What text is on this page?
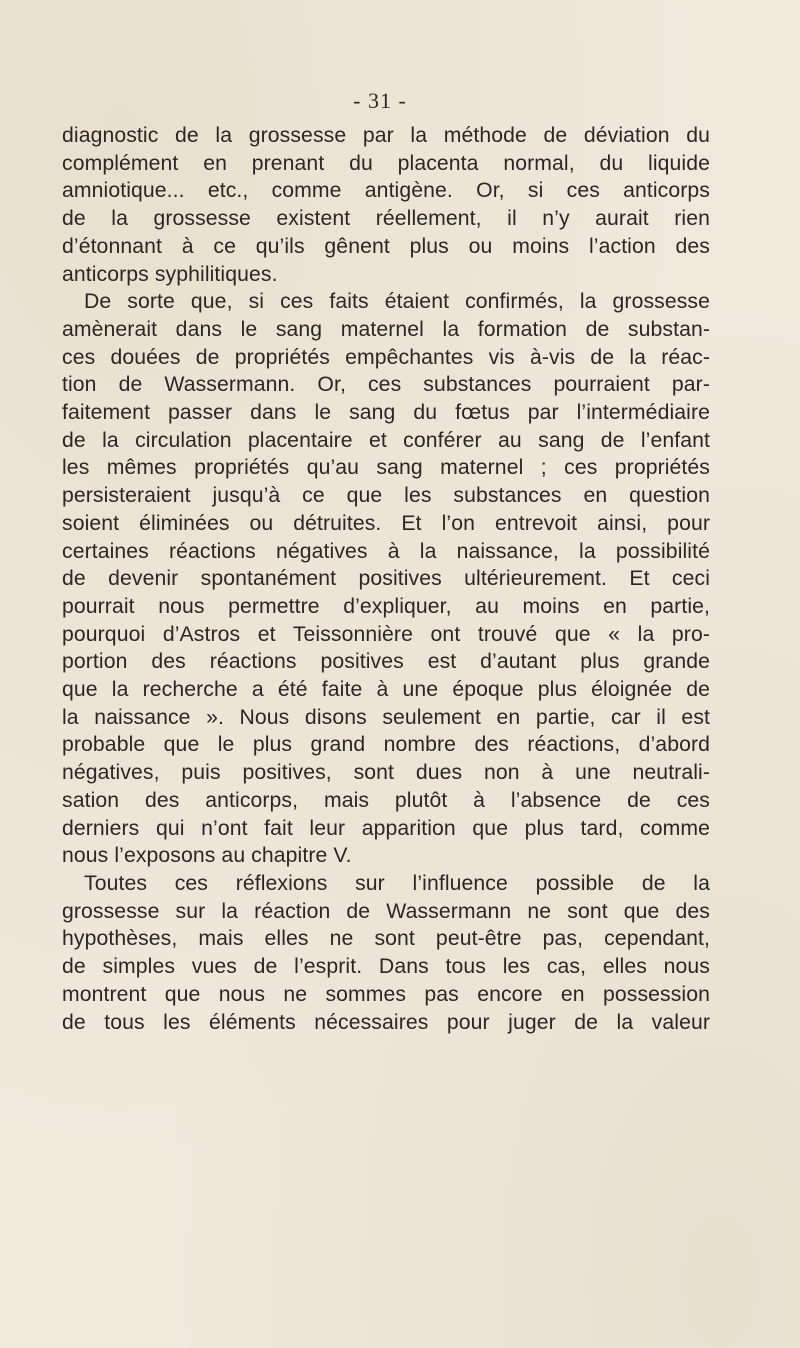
- 31 -
diagnostic de la grossesse par la méthode de déviation du
complément en prenant du placenta normal, du liquide
amniotique... etc., comme antigène. Or, si ces anticorps
de la grossesse existent réellement, il n’y aurait rien
d’étonnant à ce qu’ils gênent plus ou moins l’action des
anticorps syphilitiques.
De sorte que, si ces faits étaient confirmés, la grossesse
amènerait dans le sang maternel la formation de substan-
ces douées de propriétés empêchantes vis à-vis de la réac-
tion de Wassermann. Or, ces substances pourraient par-
faitement passer dans le sang du fœtus par l’intermédiaire
de la circulation placentaire et conférer au sang de l’enfant
les mêmes propriétés qu’au sang maternel ; ces propriétés
persisteraient jusqu’à ce que les substances en question
soient éliminées ou détruites. Et l’on entrevoit ainsi, pour
certaines réactions négatives à la naissance, la possibilité
de devenir spontanément positives ultérieurement. Et ceci
pourrait nous permettre d’expliquer, au moins en partie,
pourquoi d’Astros et Teissonnière ont trouvé que « la pro-
portion des réactions positives est d’autant plus grande
que la recherche a été faite à une époque plus éloignée de
la naissance ». Nous disons seulement en partie, car il est
probable que le plus grand nombre des réactions, d’abord
négatives, puis positives, sont dues non à une neutrali-
sation des anticorps, mais plutôt à l’absence de ces
derniers qui n’ont fait leur apparition que plus tard, comme
nous l’exposons au chapitre V.
Toutes ces réflexions sur l’influence possible de la
grossesse sur la réaction de Wassermann ne sont que des
hypothèses, mais elles ne sont peut-être pas, cependant,
de simples vues de l’esprit. Dans tous les cas, elles nous
montrent que nous ne sommes pas encore en possession
de tous les éléments nécessaires pour juger de la valeur
